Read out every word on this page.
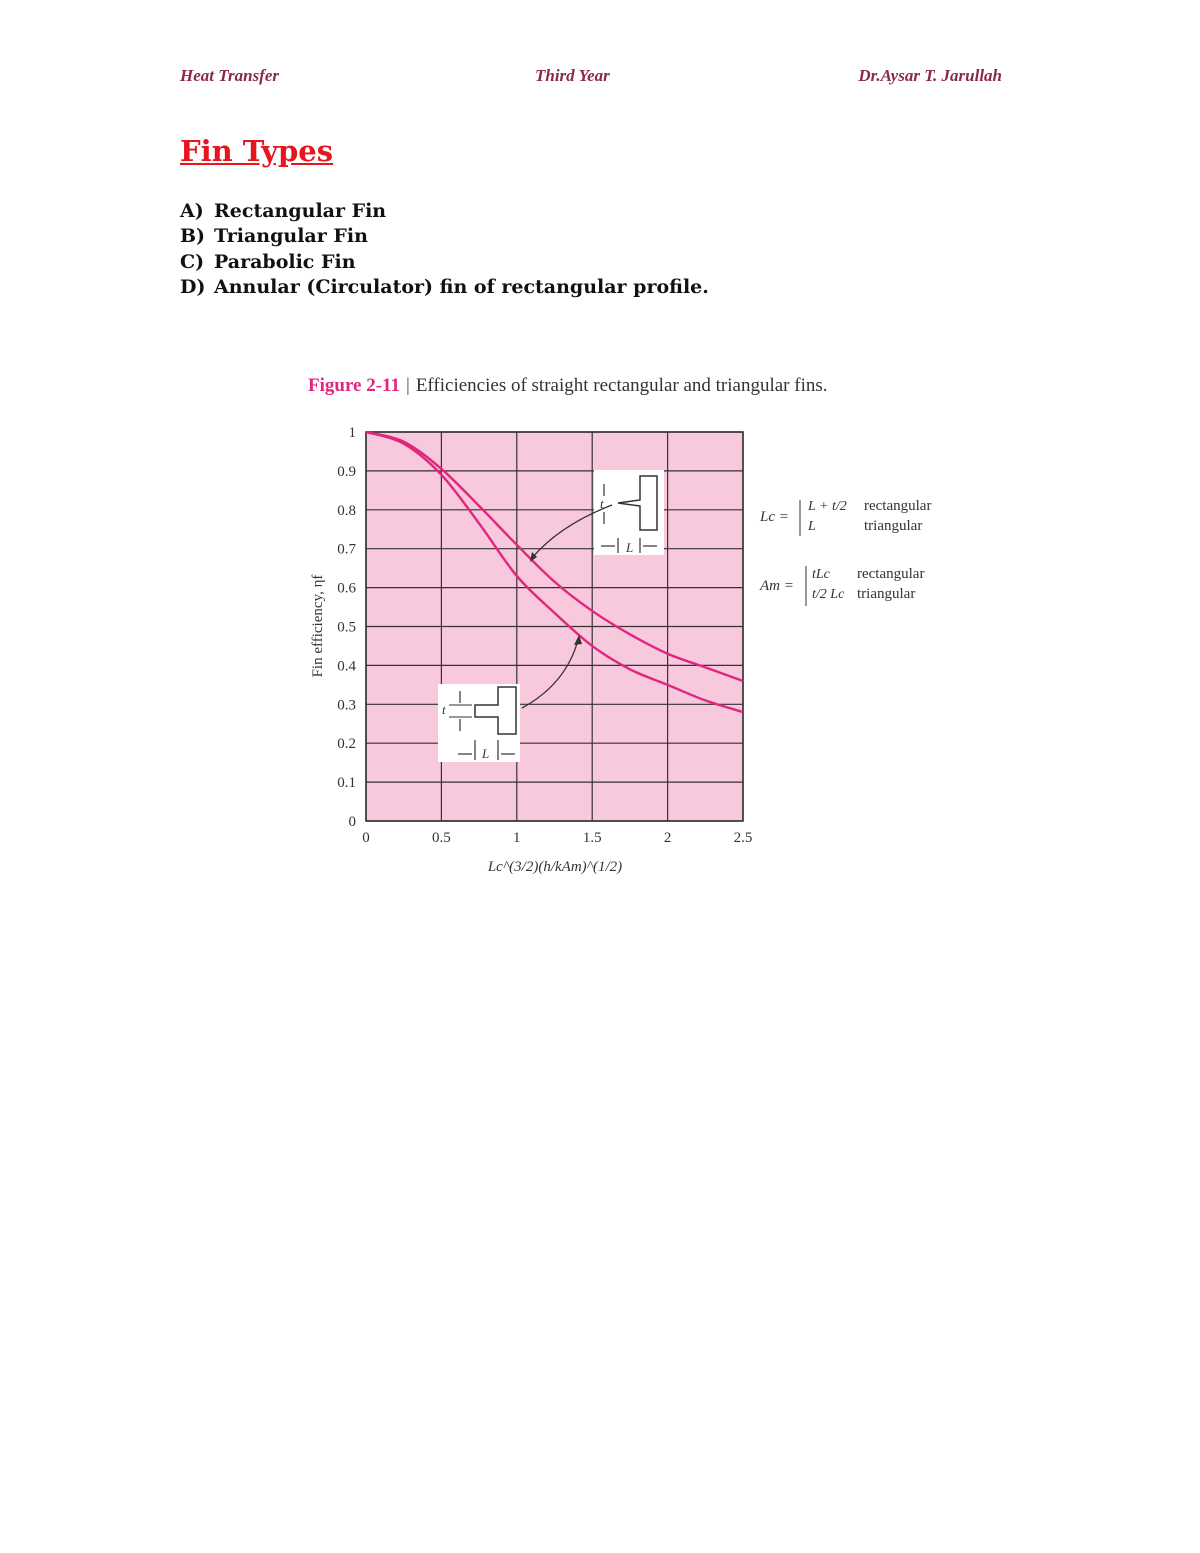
Heat Transfer	Third Year	Dr.Aysar T. Jarullah
Fin Types
A) Rectangular Fin
B) Triangular Fin
C) Parabolic Fin
D) Annular (Circulator) fin of rectangular profile.
Figure 2-11 | Efficiencies of straight rectangular and triangular fins.
0	0.5	1	1.5	2	2.5
0
0.1
0.2
0.3
0.4
0.5
0.6
0.7
0.8
0.9
1
Lc^(3/2)(h/kAm)^(1/2)
Fin efficiency, ηf
t
L
t
L
Lc =
L + t/2 rectangular
L	triangular
Am =
tLc rectangular
t/2 Lc triangular
